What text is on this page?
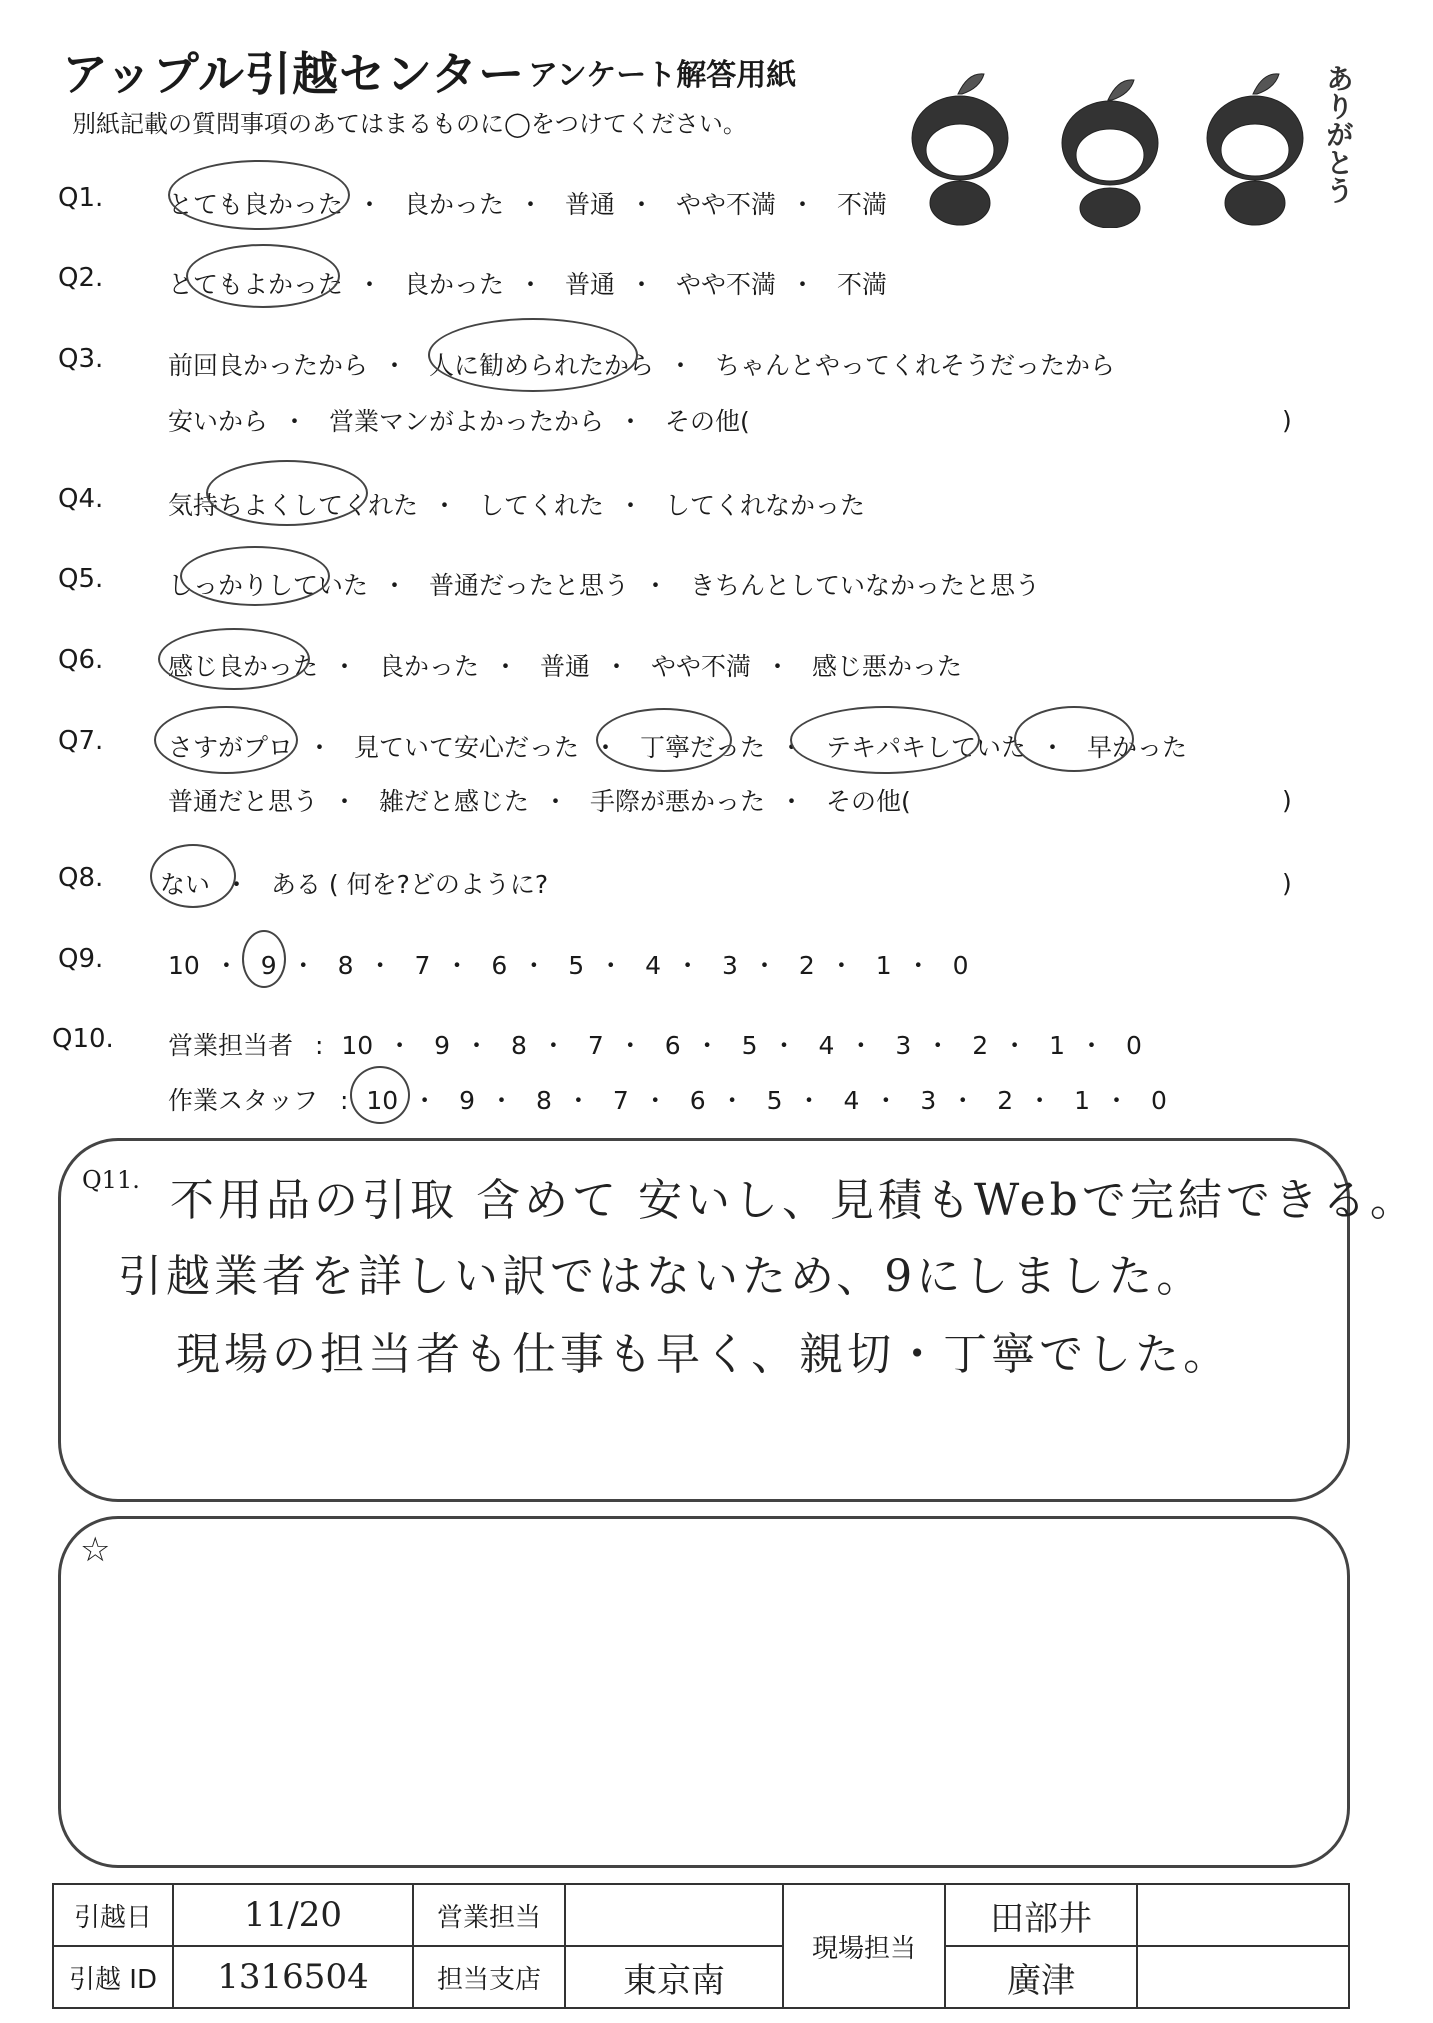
アップル引越センター アンケート解答用紙
別紙記載の質問事項のあてはまるものに◯をつけてください。	ありがとう
Q1.	とても良かった ・ 良かった ・ 普通 ・ やや不満 ・ 不満
Q2.	とてもよかった ・ 良かった ・ 普通 ・ やや不満 ・ 不満
Q3.	前回良かったから ・ 人に勧められたから ・ ちゃんとやってくれそうだったから
安いから ・ 営業マンがよかったから ・ その他(	)
Q4.	気持ちよくしてくれた ・ してくれた ・ してくれなかった
Q5.	しっかりしていた ・ 普通だったと思う ・ きちんとしていなかったと思う
Q6.	感じ良かった ・ 良かった ・ 普通 ・ やや不満 ・ 感じ悪かった
Q7.	さすがプロ ・ 見ていて安心だった ・ 丁寧だった ・ テキパキしていた ・ 早かった
普通だと思う ・ 雑だと感じた ・ 手際が悪かった ・ その他(	)
Q8. ない ・ ある ( 何を?どのように?	)
Q9.	10 ・ 9 ・ 8 ・ 7 ・ 6 ・ 5 ・ 4 ・ 3 ・ 2 ・ 1 ・ 0
Q10. 営業担当者 : 10 ・ 9 ・ 8 ・ 7 ・ 6 ・ 5 ・ 4 ・ 3 ・ 2 ・ 1 ・ 0
作業スタッフ : 10 ・ 9 ・ 8 ・ 7 ・ 6 ・ 5 ・ 4 ・ 3 ・ 2 ・ 1 ・ 0
Q11. 不用品の引取 含めて 安いし、見積もWebで完結できる。
引越業者を詳しい訳ではないため、9にしました。
現場の担当者も仕事も早く、親切・丁寧でした。
☆
引越日	11/20	営業担当		現場担当	田部井	
引越 ID	1316504	担当支店	東京南		廣津	
